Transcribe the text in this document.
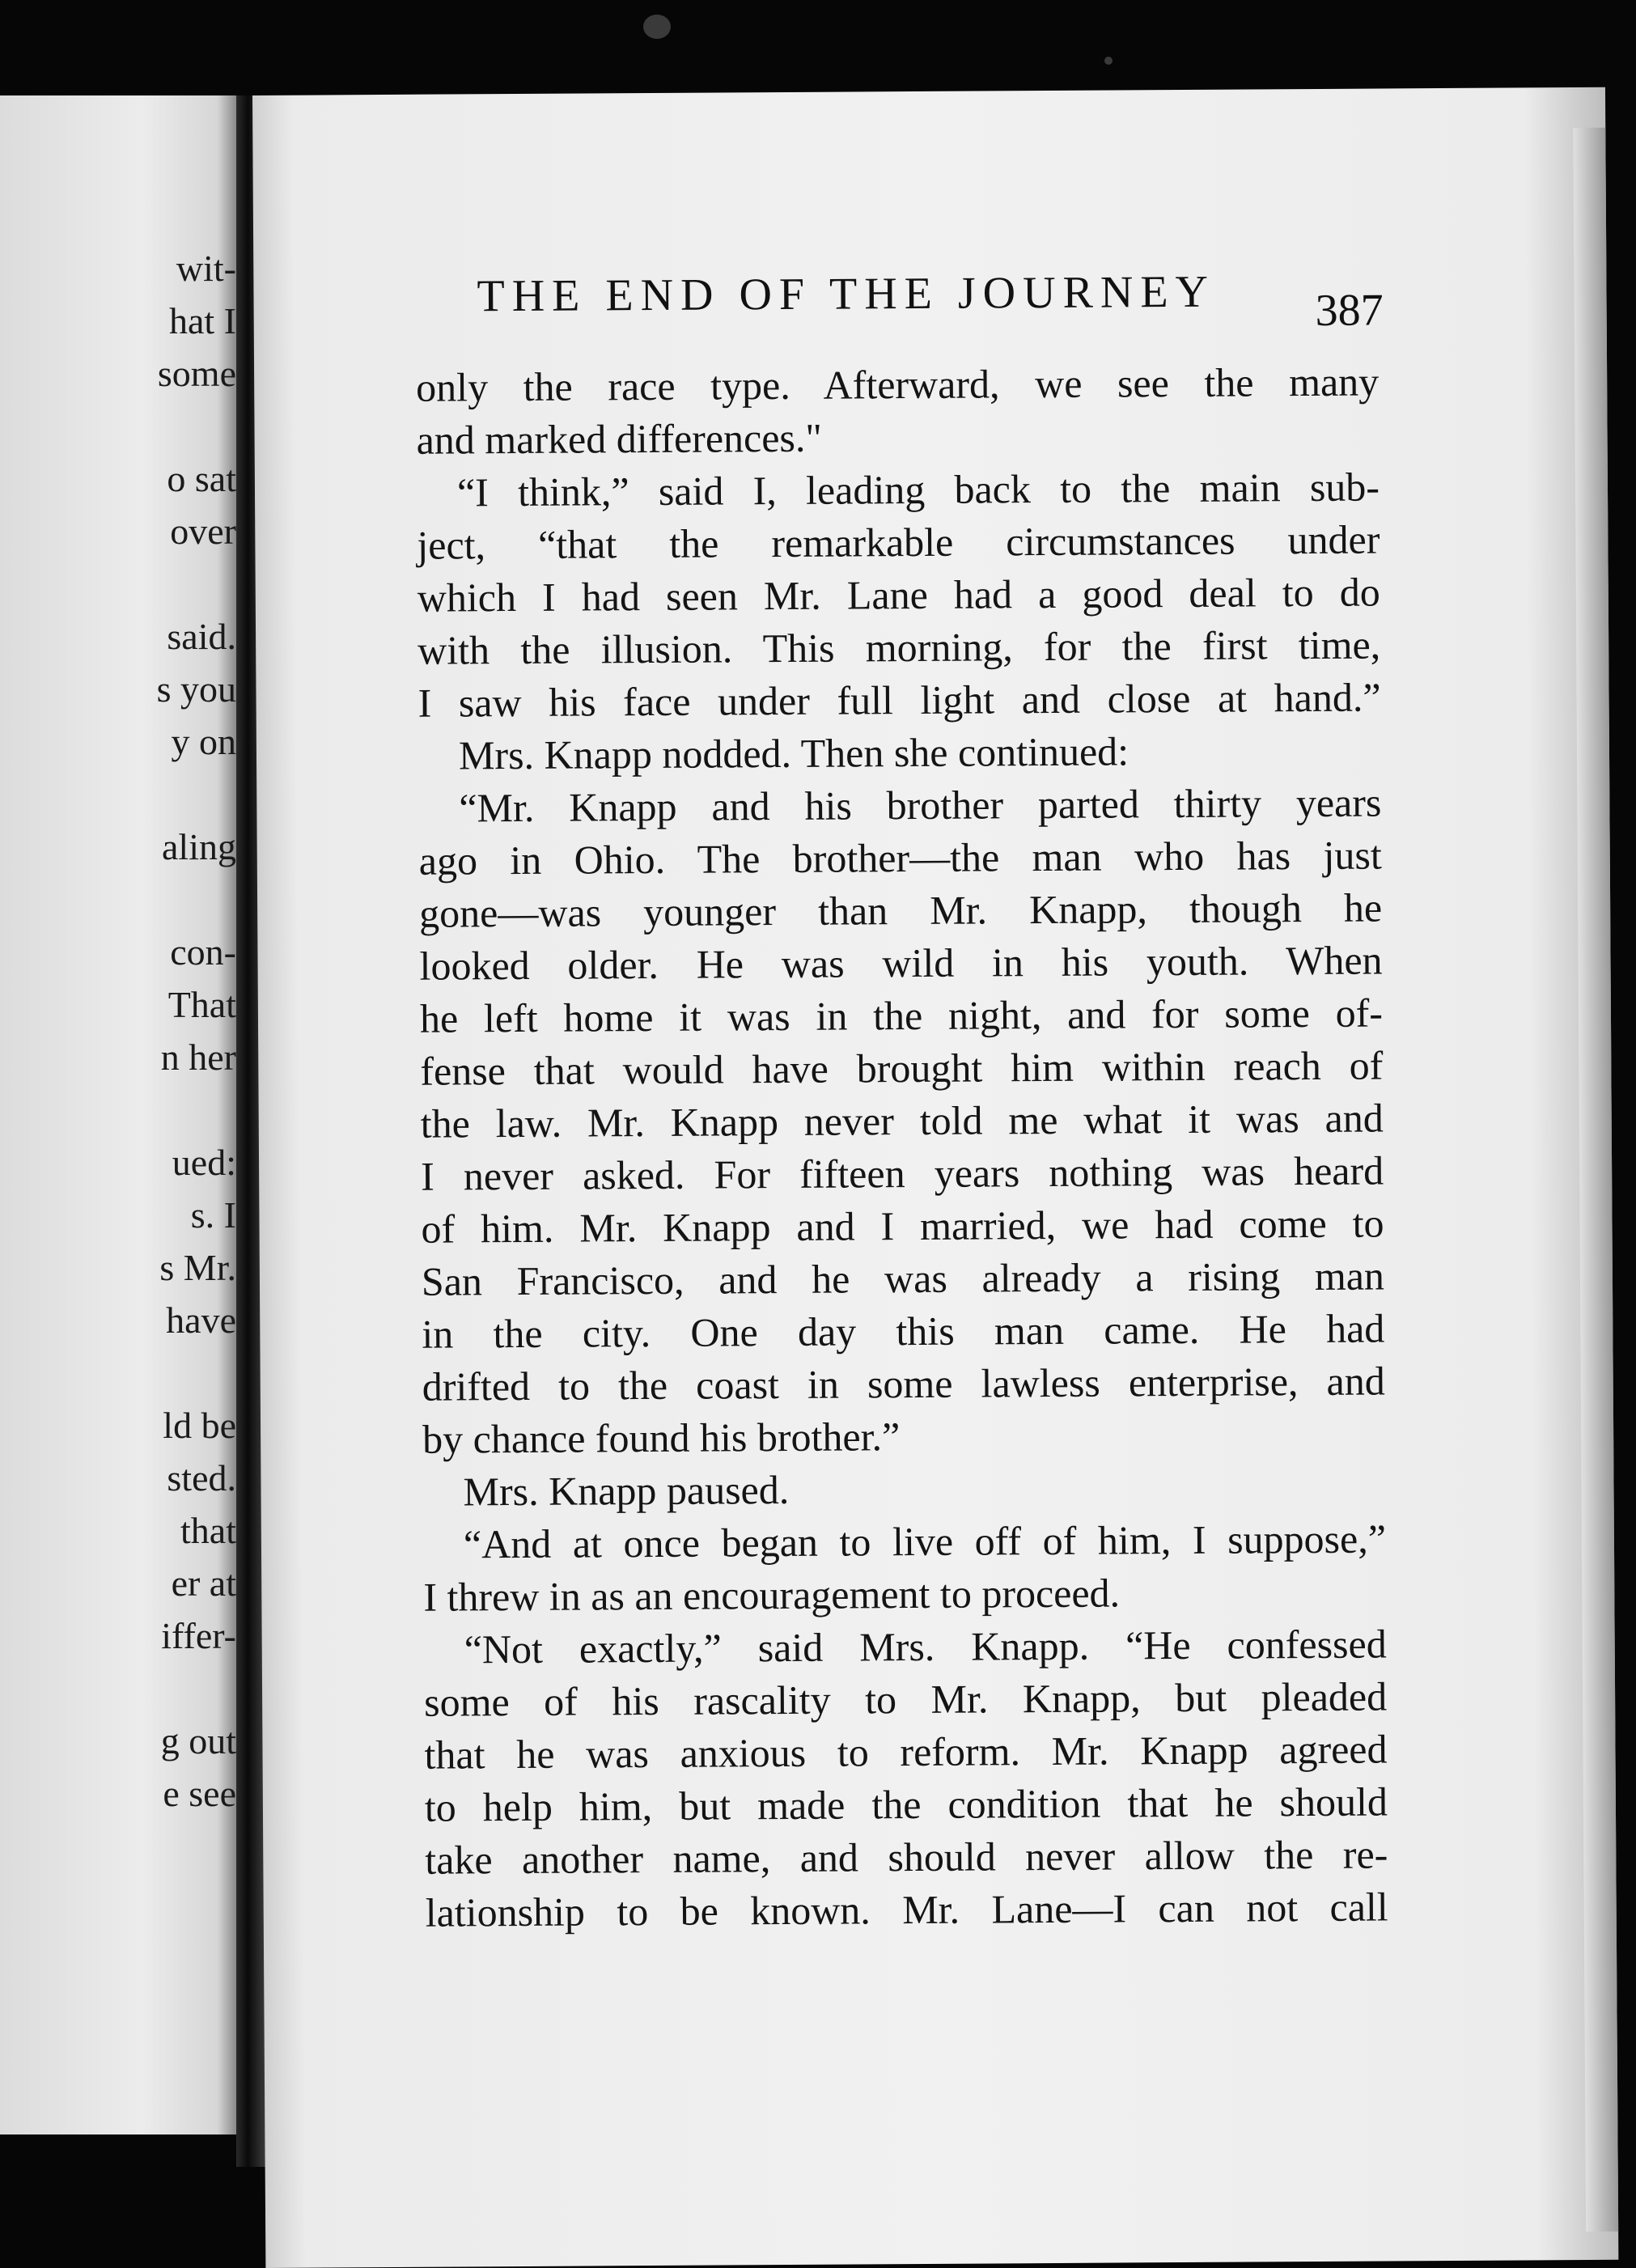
wit-
hat I
some
o sat
over
said.
s you
y on
aling
con-
That
n her
ued:
s. I
s Mr.
have
ld be
sted.
that
er at
iffer-
g out
e see
THE END OF THE JOURNEY	387
only the race type. Afterward, we see the many
and marked differences."
“I think,” said I, leading back to the main sub-
ject, “that the remarkable circumstances under
which I had seen Mr. Lane had a good deal to do
with the illusion. This morning, for the first time,
I saw his face under full light and close at hand.”
Mrs. Knapp nodded. Then she continued:
“Mr. Knapp and his brother parted thirty years
ago in Ohio. The brother—the man who has just
gone—was younger than Mr. Knapp, though he
looked older. He was wild in his youth. When
he left home it was in the night, and for some of-
fense that would have brought him within reach of
the law. Mr. Knapp never told me what it was and
I never asked. For fifteen years nothing was heard
of him. Mr. Knapp and I married, we had come to
San Francisco, and he was already a rising man
in the city. One day this man came. He had
drifted to the coast in some lawless enterprise, and
by chance found his brother.”
Mrs. Knapp paused.
“And at once began to live off of him, I suppose,”
I threw in as an encouragement to proceed.
“Not exactly,” said Mrs. Knapp. “He confessed
some of his rascality to Mr. Knapp, but pleaded
that he was anxious to reform. Mr. Knapp agreed
to help him, but made the condition that he should
take another name, and should never allow the re-
lationship to be known. Mr. Lane—I can not call
